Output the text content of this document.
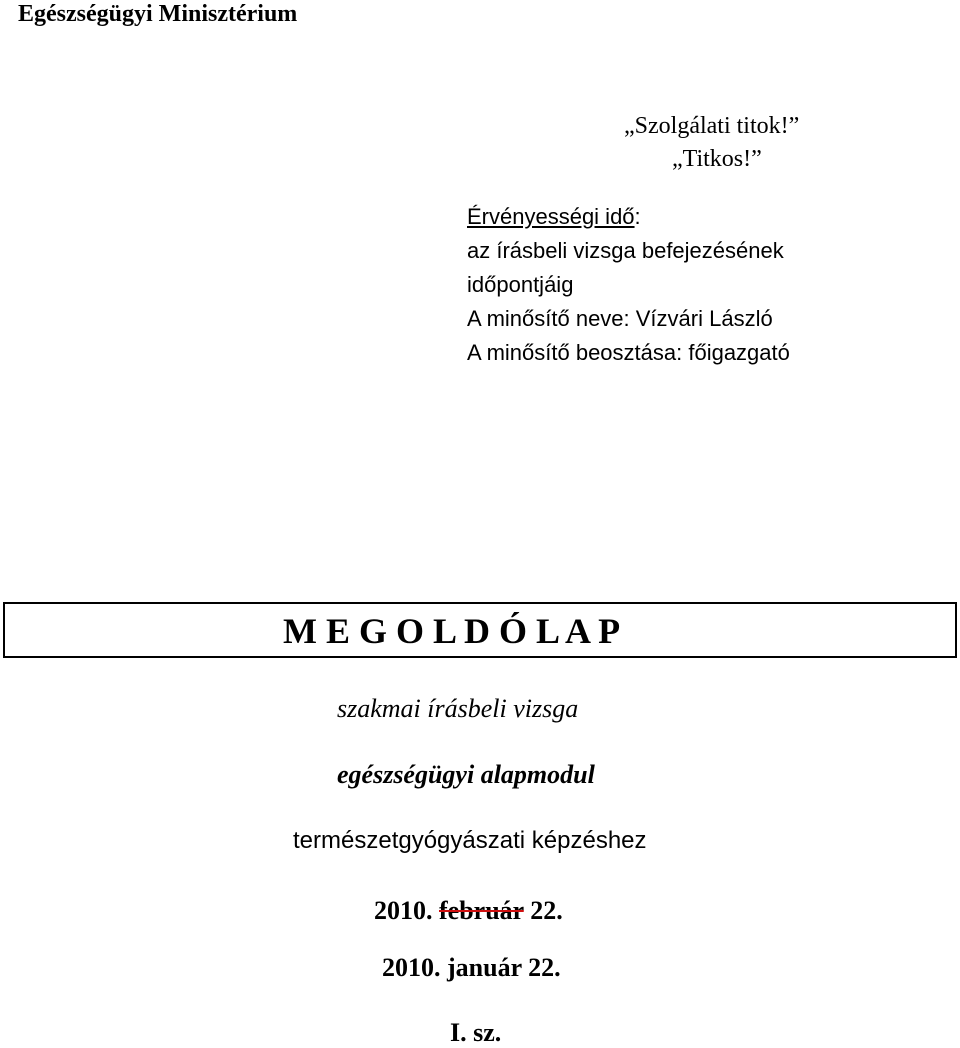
Egészségügyi Minisztérium
„Szolgálati titok!”
„Titkos!”
Érvényességi idő:
az írásbeli vizsga befejezésének
időpontjáig
A minősítő neve: Vízvári László
A minősítő beosztása: főigazgató
M E G O L D Ó L A P
szakmai írásbeli vizsga
egészségügyi alapmodul
természetgyógyászati képzéshez
2010. február 22.
2010. január 22.
I. sz.
